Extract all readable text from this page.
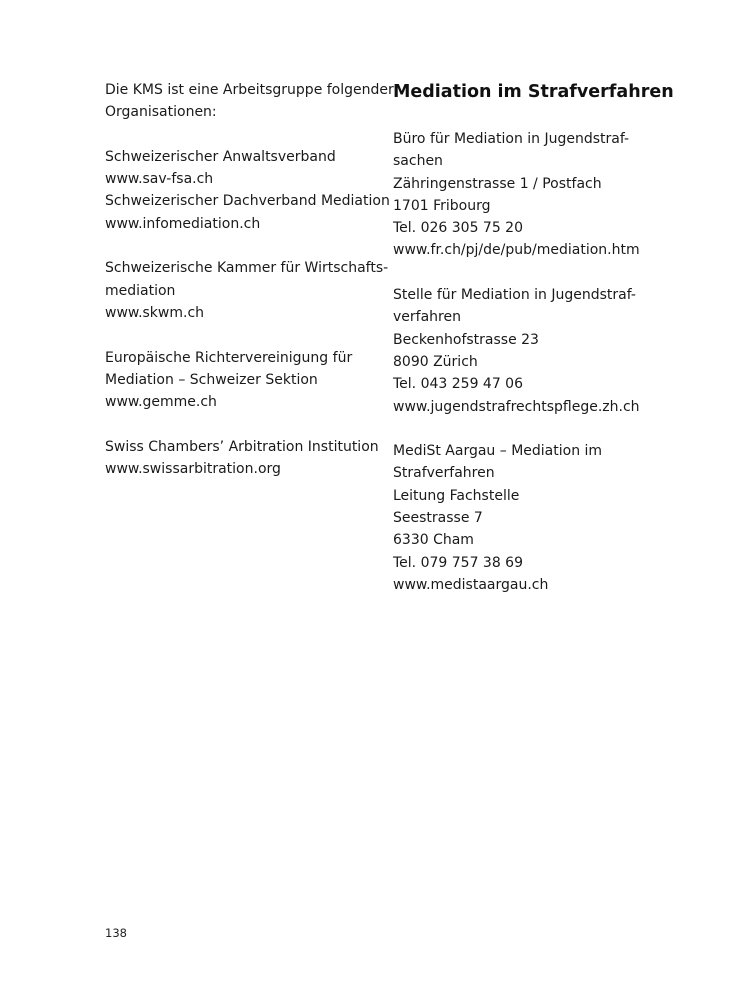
Die KMS ist eine Arbeitsgruppe folgender
Organisationen:
Schweizerischer Anwaltsverband
www.sav-fsa.ch
Schweizerischer Dachverband Mediation
www.infomediation.ch
Schweizerische Kammer für Wirtschafts-
mediation
www.skwm.ch
Europäische Richtervereinigung für
Mediation – Schweizer Sektion
www.gemme.ch
Swiss Chambers’ Arbitration Institution
www.swissarbitration.org
Mediation im Strafverfahren
Büro für Mediation in Jugendstraf-
sachen
Zähringenstrasse 1 / Postfach
1701 Fribourg
Tel. 026 305 75 20
www.fr.ch/pj/de/pub/mediation.htm
Stelle für Mediation in Jugendstraf-
verfahren
Beckenhofstrasse 23
8090 Zürich
Tel. 043 259 47 06
www.jugendstrafrechtspflege.zh.ch
MediSt Aargau – Mediation im
Strafverfahren
Leitung Fachstelle
Seestrasse 7
6330 Cham
Tel. 079 757 38 69
www.medistaargau.ch
138
